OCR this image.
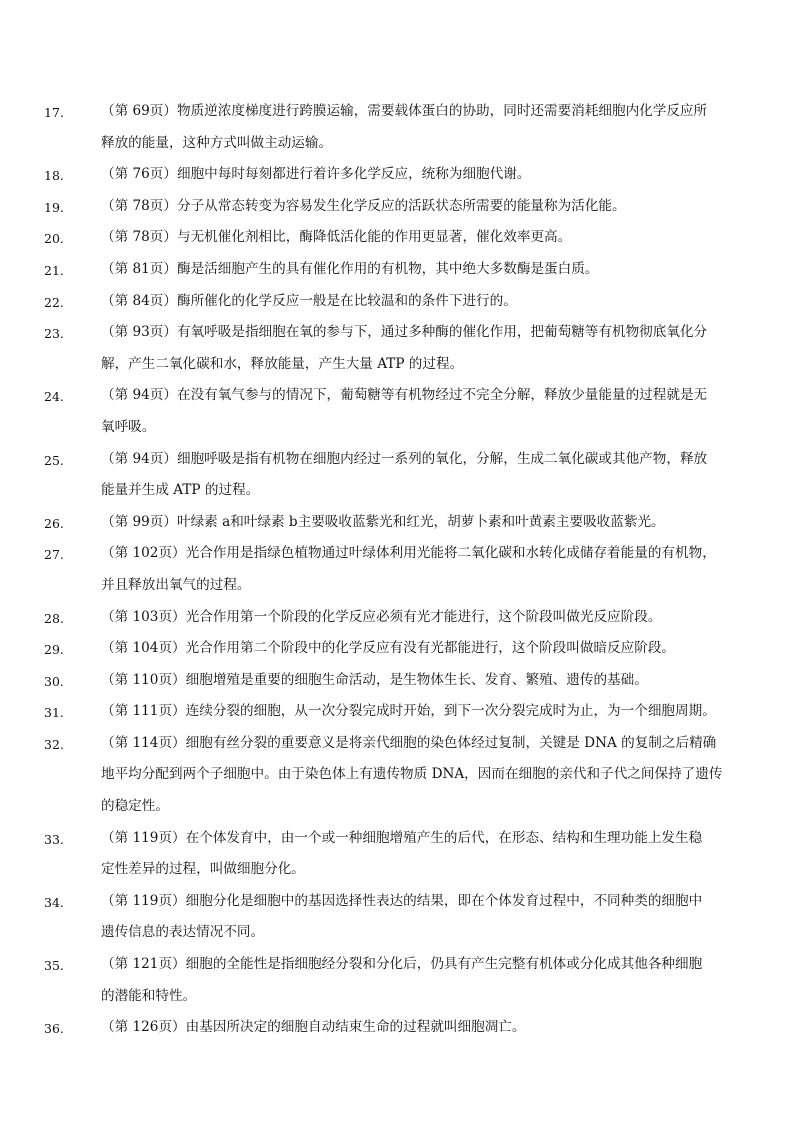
17.	（第 69页）物质逆浓度梯度进行跨膜运输，需要载体蛋白的协助，同时还需要消耗细胞内化学反应所
释放的能量，这种方式叫做主动运输。
18.	（第 76页）细胞中每时每刻都进行着许多化学反应，统称为细胞代谢。
19.	（第 78页）分子从常态转变为容易发生化学反应的活跃状态所需要的能量称为活化能。
20.	（第 78页）与无机催化剂相比，酶降低活化能的作用更显著，催化效率更高。
21.	（第 81页）酶是活细胞产生的具有催化作用的有机物，其中绝大多数酶是蛋白质。
22.	（第 84页）酶所催化的化学反应一般是在比较温和的条件下进行的。
23.	（第 93页）有氧呼吸是指细胞在氧的参与下，通过多种酶的催化作用，把葡萄糖等有机物彻底氧化分
解，产生二氧化碳和水，释放能量，产生大量 ATP 的过程。
24.	（第 94页）在没有氧气参与的情况下，葡萄糖等有机物经过不完全分解，释放少量能量的过程就是无
氧呼吸。
25.	（第 94页）细胞呼吸是指有机物在细胞内经过一系列的氧化，分解，生成二氧化碳或其他产物，释放
能量并生成 ATP 的过程。
26.	（第 99页）叶绿素 a和叶绿素 b主要吸收蓝紫光和红光，胡萝卜素和叶黄素主要吸收蓝紫光。
27.	（第 102页）光合作用是指绿色植物通过叶绿体利用光能将二氧化碳和水转化成储存着能量的有机物，
并且释放出氧气的过程。
28.	（第 103页）光合作用第一个阶段的化学反应必须有光才能进行，这个阶段叫做光反应阶段。
29.	（第 104页）光合作用第二个阶段中的化学反应有没有光都能进行，这个阶段叫做暗反应阶段。
30.	（第 110页）细胞增殖是重要的细胞生命活动，是生物体生长、发育、繁殖、遗传的基础。
31.	（第 111页）连续分裂的细胞，从一次分裂完成时开始，到下一次分裂完成时为止，为一个细胞周期。
32.	（第 114页）细胞有丝分裂的重要意义是将亲代细胞的染色体经过复制，关键是 DNA 的复制之后精确
地平均分配到两个子细胞中。由于染色体上有遗传物质 DNA，因而在细胞的亲代和子代之间保持了遗传
的稳定性。
33.	（第 119页）在个体发育中，由一个或一种细胞增殖产生的后代，在形态、结构和生理功能上发生稳
定性差异的过程，叫做细胞分化。
34.	（第 119页）细胞分化是细胞中的基因选择性表达的结果，即在个体发育过程中，不同种类的细胞中
遗传信息的表达情况不同。
35.	（第 121页）细胞的全能性是指细胞经分裂和分化后，仍具有产生完整有机体或分化成其他各种细胞
的潜能和特性。
36.	（第 126页）由基因所决定的细胞自动结束生命的过程就叫细胞凋亡。
